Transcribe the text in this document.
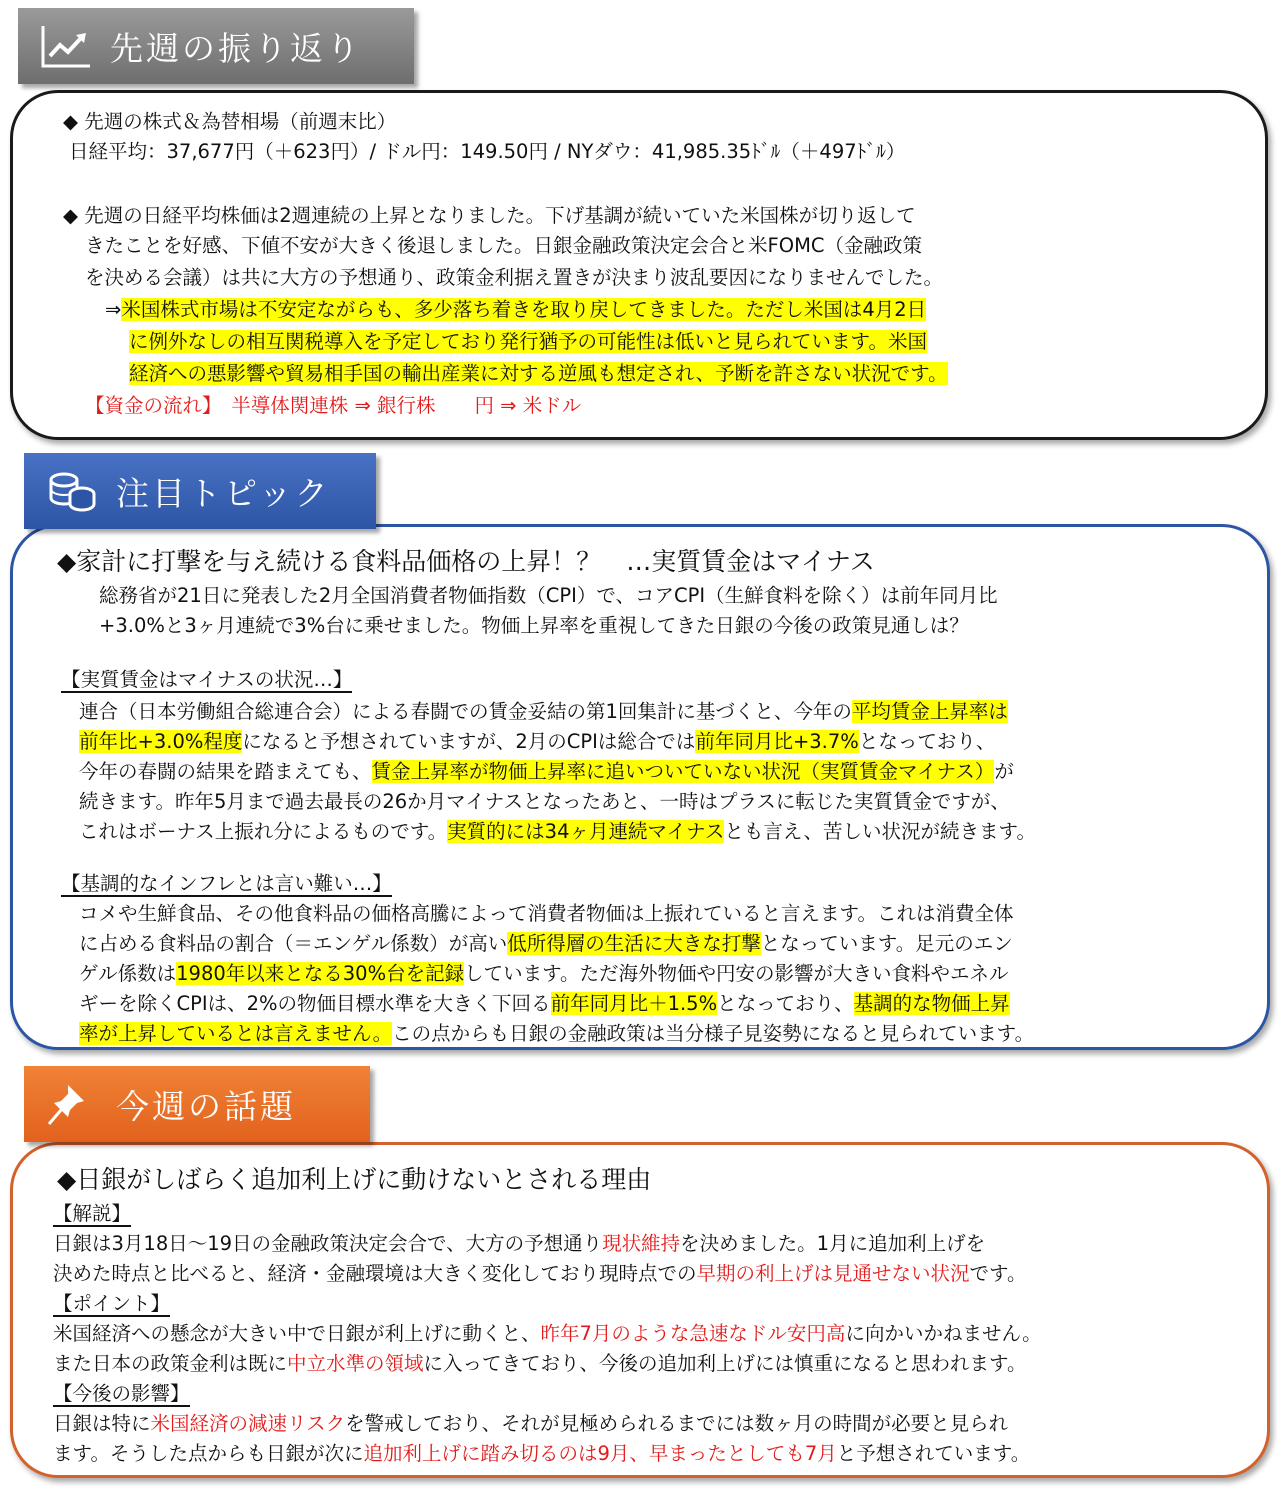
先週の振り返り
◆ 先週の株式＆為替相場（前週末比）
日経平均：37,677円（＋623円）/ ドル円：149.50円 / NYダウ：41,985.35ﾄﾞﾙ（＋497ﾄﾞﾙ）
◆ 先週の日経平均株価は2週連続の上昇となりました。下げ基調が続いていた米国株が切り返して
きたことを好感、下値不安が大きく後退しました。日銀金融政策決定会合と米FOMC（金融政策
を決める会議）は共に大方の予想通り、政策金利据え置きが決まり波乱要因になりませんでした。
⇒米国株式市場は不安定ながらも、多少落ち着きを取り戻してきました。ただし米国は4月2日
に例外なしの相互関税導入を予定しており発行猶予の可能性は低いと見られています。米国
経済への悪影響や貿易相手国の輸出産業に対する逆風も想定され、予断を許さない状況です。
【資金の流れ】　半導体関連株 ⇒ 銀行株　　円 ⇒ 米ドル
注目トピック
◆家計に打撃を与え続ける食料品価格の上昇！？　…実質賃金はマイナス
総務省が21日に発表した2月全国消費者物価指数（CPI）で、コアCPI（生鮮食料を除く）は前年同月比
+3.0%と3ヶ月連続で3%台に乗せました。物価上昇率を重視してきた日銀の今後の政策見通しは？
【実質賃金はマイナスの状況…】
連合（日本労働組合総連合会）による春闘での賃金妥結の第1回集計に基づくと、今年の平均賃金上昇率は
前年比+3.0%程度になると予想されていますが、2月のCPIは総合では前年同月比+3.7%となっており、
今年の春闘の結果を踏まえても、賃金上昇率が物価上昇率に追いついていない状況（実質賃金マイナス）が
続きます。昨年5月まで過去最長の26か月マイナスとなったあと、一時はプラスに転じた実質賃金ですが、
これはボーナス上振れ分によるものです。実質的には34ヶ月連続マイナスとも言え、苦しい状況が続きます。
【基調的なインフレとは言い難い…】
コメや生鮮食品、その他食料品の価格高騰によって消費者物価は上振れていると言えます。これは消費全体
に占める食料品の割合（＝エンゲル係数）が高い低所得層の生活に大きな打撃となっています。足元のエン
ゲル係数は1980年以来となる30%台を記録しています。ただ海外物価や円安の影響が大きい食料やエネル
ギーを除くCPIは、2%の物価目標水準を大きく下回る前年同月比＋1.5%となっており、基調的な物価上昇
率が上昇しているとは言えません。この点からも日銀の金融政策は当分様子見姿勢になると見られています。
今週の話題
◆日銀がしばらく追加利上げに動けないとされる理由
【解説】
日銀は3月18日～19日の金融政策決定会合で、大方の予想通り現状維持を決めました。1月に追加利上げを
決めた時点と比べると、経済・金融環境は大きく変化しており現時点での早期の利上げは見通せない状況です。
【ポイント】
米国経済への懸念が大きい中で日銀が利上げに動くと、昨年7月のような急速なドル安円高に向かいかねません。
また日本の政策金利は既に中立水準の領域に入ってきており、今後の追加利上げには慎重になると思われます。
【今後の影響】
日銀は特に米国経済の減速リスクを警戒しており、それが見極められるまでには数ヶ月の時間が必要と見られ
ます。そうした点からも日銀が次に追加利上げに踏み切るのは9月、早まったとしても7月と予想されています。
